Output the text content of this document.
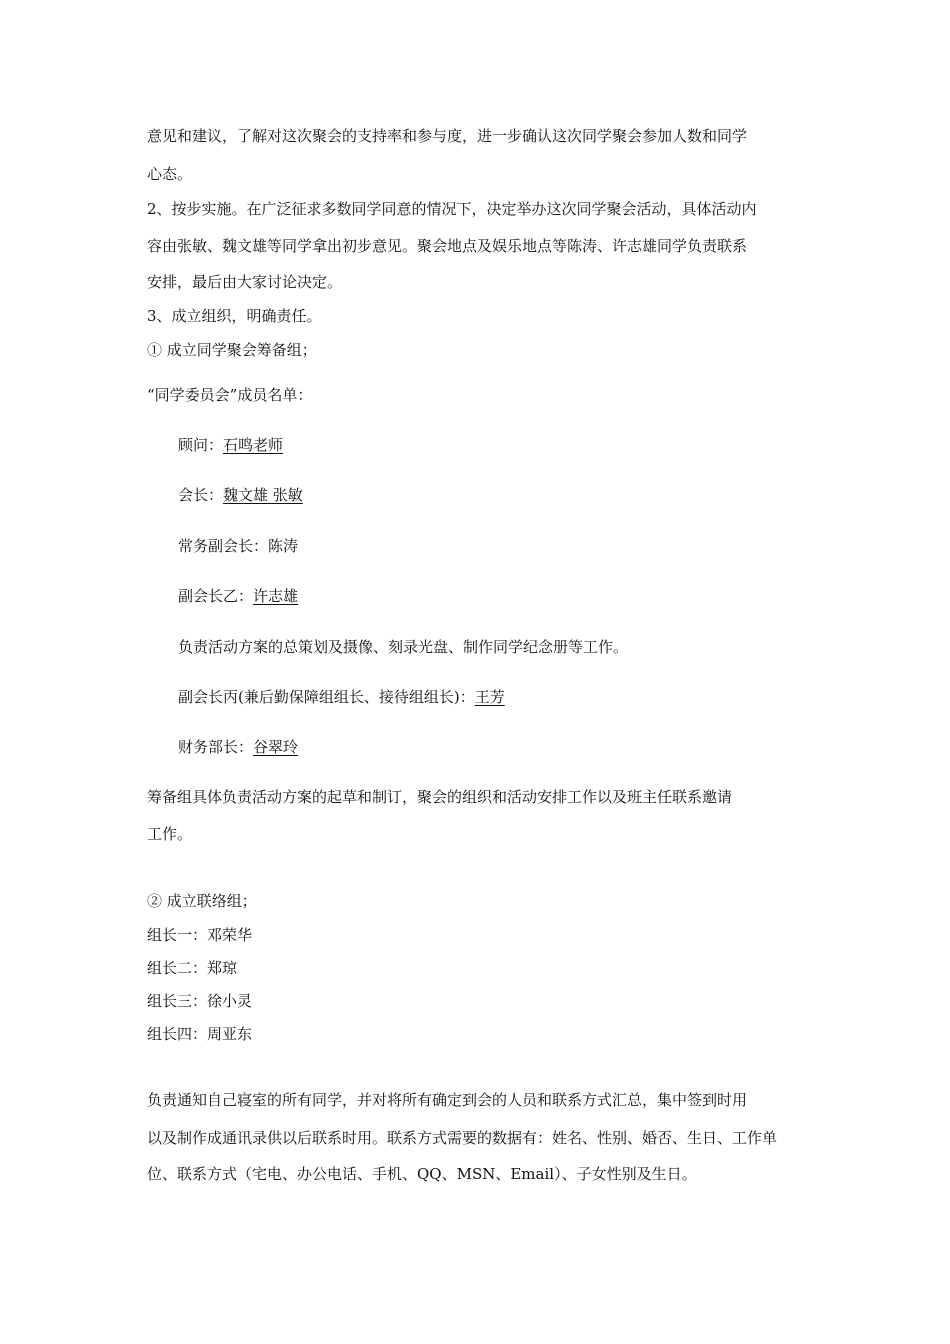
意见和建议，了解对这次聚会的支持率和参与度，进一步确认这次同学聚会参加人数和同学
心态。
2、按步实施。在广泛征求多数同学同意的情况下，决定举办这次同学聚会活动，具体活动内
容由张敏、魏文雄等同学拿出初步意见。聚会地点及娱乐地点等陈涛、许志雄同学负责联系
安排，最后由大家讨论决定。
3、成立组织，明确责任。
① 成立同学聚会筹备组；
“同学委员会”成员名单：
顾问：石鸣老师
会长：魏文雄 张敏
常务副会长：陈涛
副会长乙：许志雄
负责活动方案的总策划及摄像、刻录光盘、制作同学纪念册等工作。
副会长丙(兼后勤保障组组长、接待组组长)：王芳
财务部长：谷翠玲
筹备组具体负责活动方案的起草和制订，聚会的组织和活动安排工作以及班主任联系邀请
工作。
② 成立联络组；
组长一：邓荣华
组长二：郑琼
组长三：徐小灵
组长四：周亚东
负责通知自己寝室的所有同学，并对将所有确定到会的人员和联系方式汇总，集中签到时用
以及制作成通讯录供以后联系时用。联系方式需要的数据有：姓名、性别、婚否、生日、工作单
位、联系方式（宅电、办公电话、手机、QQ、MSN、Email）、子女性别及生日。
